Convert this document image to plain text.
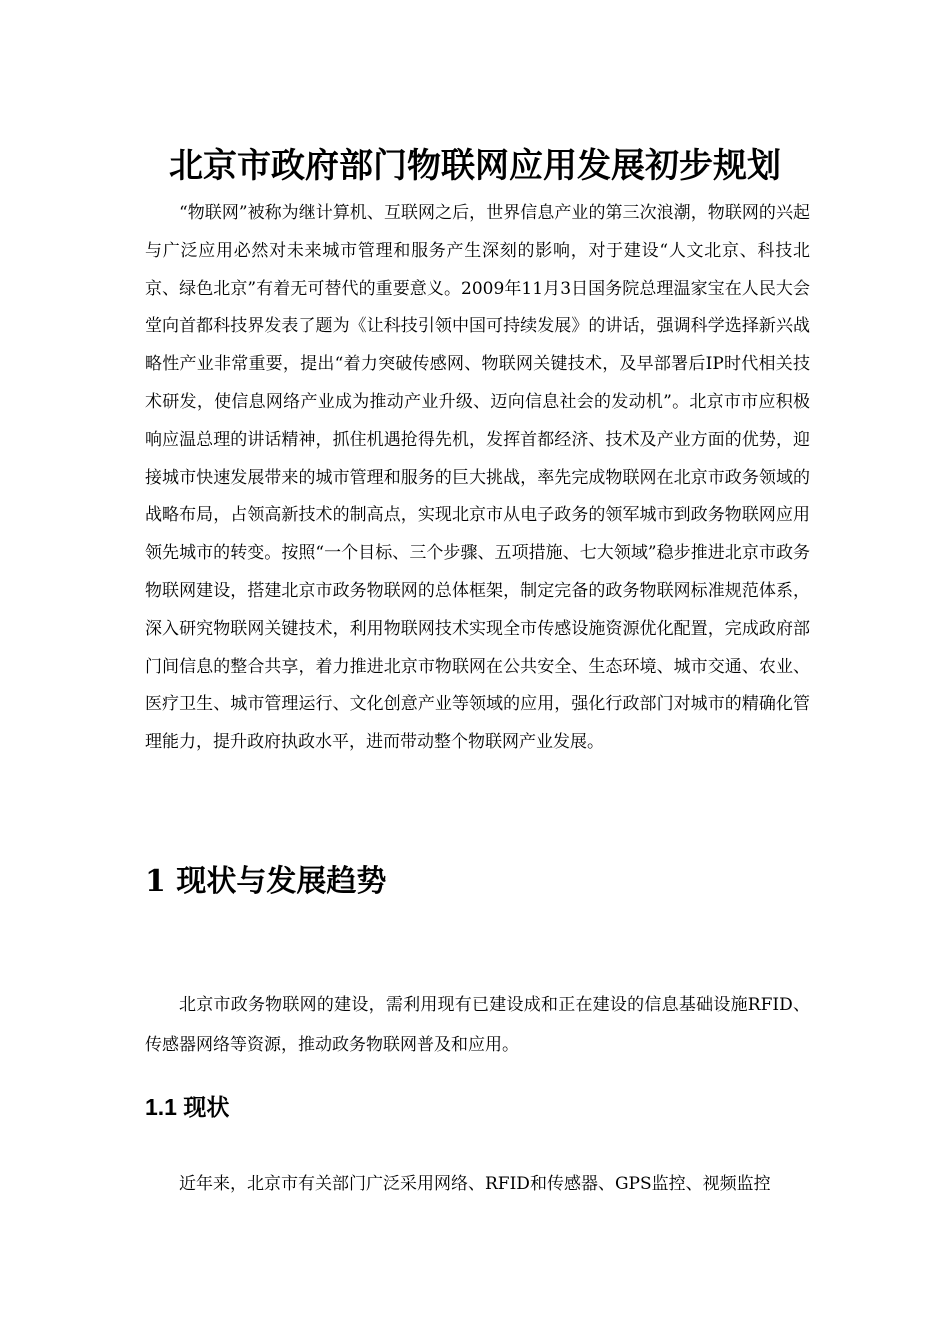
北京市政府部门物联网应用发展初步规划

“物联网”被称为继计算机、互联网之后，世界信息产业的第三次浪潮，物联网的兴起与广泛应用必然对未来城市管理和服务产生深刻的影响，对于建设“人文北京、科技北京、绿色北京”有着无可替代的重要意义。2009年11月3日国务院总理温家宝在人民大会堂向首都科技界发表了题为《让科技引领中国可持续发展》的讲话，强调科学选择新兴战略性产业非常重要，提出“着力突破传感网、物联网关键技术，及早部署后IP时代相关技术研发，使信息网络产业成为推动产业升级、迈向信息社会的发动机”。北京市市应积极响应温总理的讲话精神，抓住机遇抢得先机，发挥首都经济、技术及产业方面的优势，迎接城市快速发展带来的城市管理和服务的巨大挑战，率先完成物联网在北京市政务领域的战略布局，占领高新技术的制高点，实现北京市从电子政务的领军城市到政务物联网应用领先城市的转变。按照“一个目标、三个步骤、五项措施、七大领域”稳步推进北京市政务物联网建设，搭建北京市政务物联网的总体框架，制定完备的政务物联网标准规范体系，深入研究物联网关键技术，利用物联网技术实现全市传感设施资源优化配置，完成政府部门间信息的整合共享，着力推进北京市物联网在公共安全、生态环境、城市交通、农业、医疗卫生、城市管理运行、文化创意产业等领域的应用，强化行政部门对城市的精确化管理能力，提升政府执政水平，进而带动整个物联网产业发展。

1 现状与发展趋势

北京市政务物联网的建设，需利用现有已建设成和正在建设的信息基础设施RFID、传感器网络等资源，推动政务物联网普及和应用。

1.1 现状

近年来，北京市有关部门广泛采用网络、RFID和传感器、GPS监控、视频监控
